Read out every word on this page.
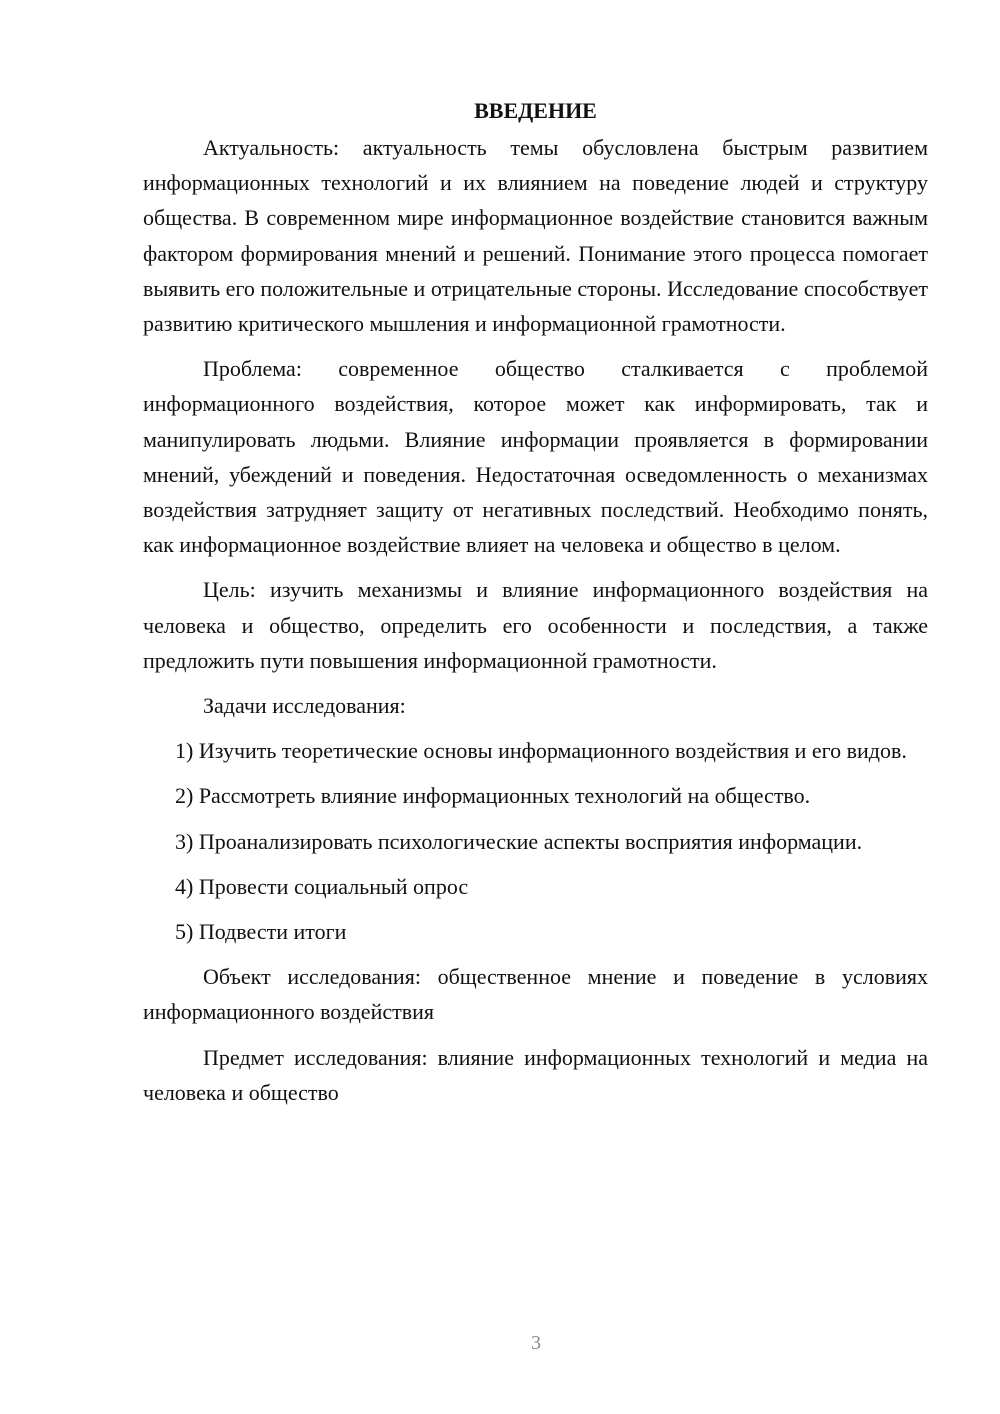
ВВЕДЕНИЕ

Актуальность: актуальность темы обусловлена быстрым развитием информационных технологий и их влиянием на поведение людей и структуру общества. В современном мире информационное воздействие становится важным фактором формирования мнений и решений. Понимание этого процесса помогает выявить его положительные и отрицательные стороны. Исследование способствует развитию критического мышления и информационной грамотности.

Проблема: современное общество сталкивается с проблемой информационного воздействия, которое может как информировать, так и манипулировать людьми. Влияние информации проявляется в формировании мнений, убеждений и поведения. Недостаточная осведомленность о механизмах воздействия затрудняет защиту от негативных последствий. Необходимо понять, как информационное воздействие влияет на человека и общество в целом.

Цель: изучить механизмы и влияние информационного воздействия на человека и общество, определить его особенности и последствия, а также предложить пути повышения информационной грамотности.

Задачи исследования:

1) Изучить теоретические основы информационного воздействия и его видов.

2) Рассмотреть влияние информационных технологий на общество.

3) Проанализировать психологические аспекты восприятия информации.

4) Провести социальный опрос

5) Подвести итоги

Объект исследования: общественное мнение и поведение в условиях информационного воздействия

Предмет исследования: влияние информационных технологий и медиа на человека и общество

3
